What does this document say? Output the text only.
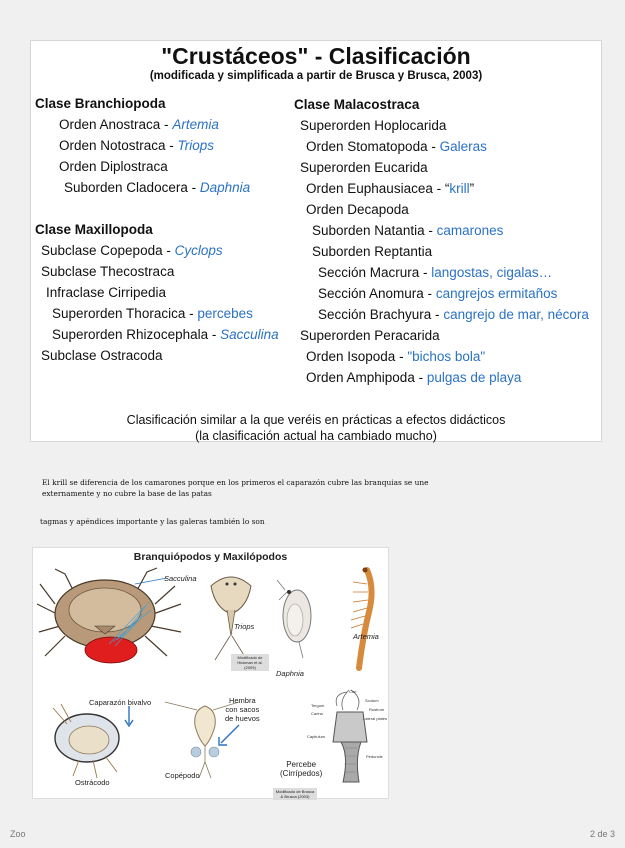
"Crustáceos" - Clasificación
(modificada y simplificada a partir de Brusca y Brusca, 2003)
Clase Branchiopoda
Orden Anostraca - Artemia
Orden Notostraca - Triops
Orden Diplostraca
Suborden Cladocera - Daphnia
Clase Maxillopoda
Subclase Copepoda - Cyclops
Subclase Thecostraca
Infraclase Cirripedia
Superorden Thoracica - percebes
Superorden Rhizocephala - Sacculina
Subclase Ostracoda
Clase Malacostraca
Superorden Hoplocarida
Orden Stomatopoda - Galeras
Superorden Eucarida
Orden Euphausiacea - “krill”
Orden Decapoda
Suborden Natantia - camarones
Suborden Reptantia
Sección Macrura - langostas, cigalas…
Sección Anomura - cangrejos ermitaños
Sección Brachyura - cangrejo de mar, nécora
Superorden Peracarida
Orden Isopoda - "bichos bola"
Orden Amphipoda - pulgas de playa
Clasificación similar a la que veréis en prácticas a efectos didácticos
(la clasificación actual ha cambiado mucho)
El krill se diferencia de los camarones porque en los primeros el caparazón cubre las branquias se une
externamente y no cubre la base de las patas
tagmas y apéndices importante y las galeras también lo son
Branquiópodos y Maxilópodos
Sacculina
Triops
Daphnia
Artemia
Modificado de Hickman et al. (2009)
Caparazón bivalvo
Ostrácodo
Hembra
con sacos
de huevos
Copépodo
Cirri
Scutum
Tergum
Carina
Rostrum
Lateral plates
Capitulum
Peduncle
Percebe
(Cirrípedos)
Modificado de Brusca & Brusca (2003)
Zoo	2 de 3
